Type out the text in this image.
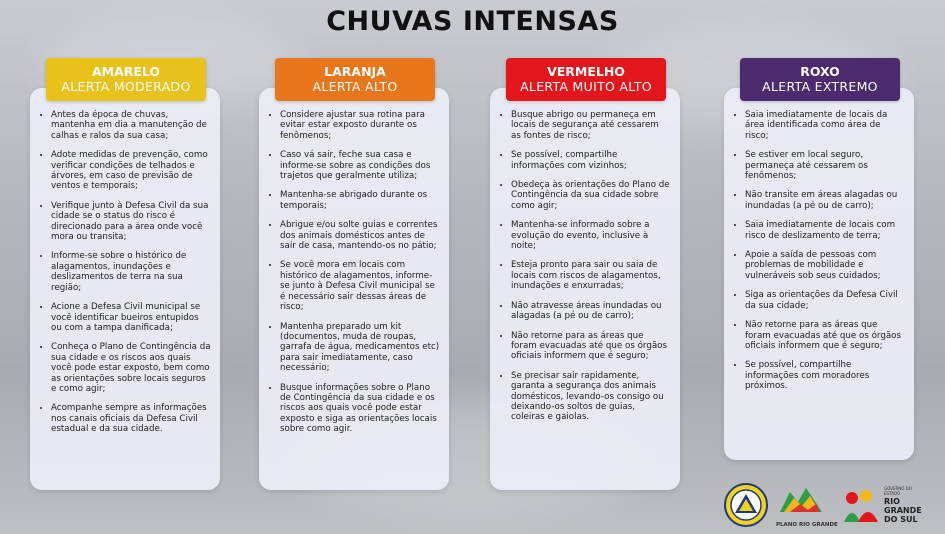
CHUVAS INTENSAS
AMARELO
ALERTA MODERADO
• Antes da época de chuvas, mantenha em dia a manutenção de calhas e ralos da sua casa;
• Adote medidas de prevenção, como verificar condições de telhados e árvores, em caso de previsão de ventos e temporais;
• Verifique junto à Defesa Civil da sua cidade se o status do risco é direcionado para a área onde você mora ou transita;
• Informe-se sobre o histórico de alagamentos, inundações e deslizamentos de terra na sua região;
• Acione a Defesa Civil municipal se você identificar bueiros entupidos ou com a tampa danificada;
• Conheça o Plano de Contingência da sua cidade e os riscos aos quais você pode estar exposto, bem como as orientações sobre locais seguros e como agir;
• Acompanhe sempre as informações nos canais oficiais da Defesa Civil estadual e da sua cidade.
LARANJA
ALERTA ALTO
• Considere ajustar sua rotina para evitar estar exposto durante os fenômenos;
• Caso vá sair, feche sua casa e informe-se sobre as condições dos trajetos que geralmente utiliza;
• Mantenha-se abrigado durante os temporais;
• Abrigue e/ou solte guias e correntes dos animais domésticos antes de sair de casa, mantendo-os no pátio;
• Se você mora em locais com histórico de alagamentos, informe-se junto à Defesa Civil municipal se é necessário sair dessas áreas de risco;
• Mantenha preparado um kit (documentos, muda de roupas, garrafa de água, medicamentos etc) para sair imediatamente, caso necessário;
• Busque informações sobre o Plano de Contingência da sua cidade e os riscos aos quais você pode estar exposto e siga as orientações locais sobre como agir.
VERMELHO
ALERTA MUITO ALTO
• Busque abrigo ou permaneça em locais de segurança até cessarem as fontes de risco;
• Se possível, compartilhe informações com vizinhos;
• Obedeça às orientações do Plano de Contingência da sua cidade sobre como agir;
• Mantenha-se informado sobre a evolução do evento, inclusive à noite;
• Esteja pronto para sair ou saia de locais com riscos de alagamentos, inundações e enxurradas;
• Não atravesse áreas inundadas ou alagadas (a pé ou de carro);
• Não retorne para as áreas que foram evacuadas até que os órgãos oficiais informem que é seguro;
• Se precisar sair rapidamente, garanta a segurança dos animais domésticos, levando-os consigo ou deixando-os soltos de guias, coleiras e gaiolas.
ROXO
ALERTA EXTREMO
• Saia imediatamente de locais da área identificada como área de risco;
• Se estiver em local seguro, permaneça até cessarem os fenômenos;
• Não transite em áreas alagadas ou inundadas (a pé ou de carro);
• Saia imediatamente de locais com risco de deslizamento de terra;
• Apoie a saída de pessoas com problemas de mobilidade e vulneráveis sob seus cuidados;
• Siga as orientações da Defesa Civil da sua cidade;
• Não retorne para as áreas que foram evacuadas até que os órgãos oficiais informem que é seguro;
• Se possível, compartilhe informações com moradores próximos.
PLANO RIO GRANDE
GOVERNO DO ESTADO
RIO GRANDE DO SUL
